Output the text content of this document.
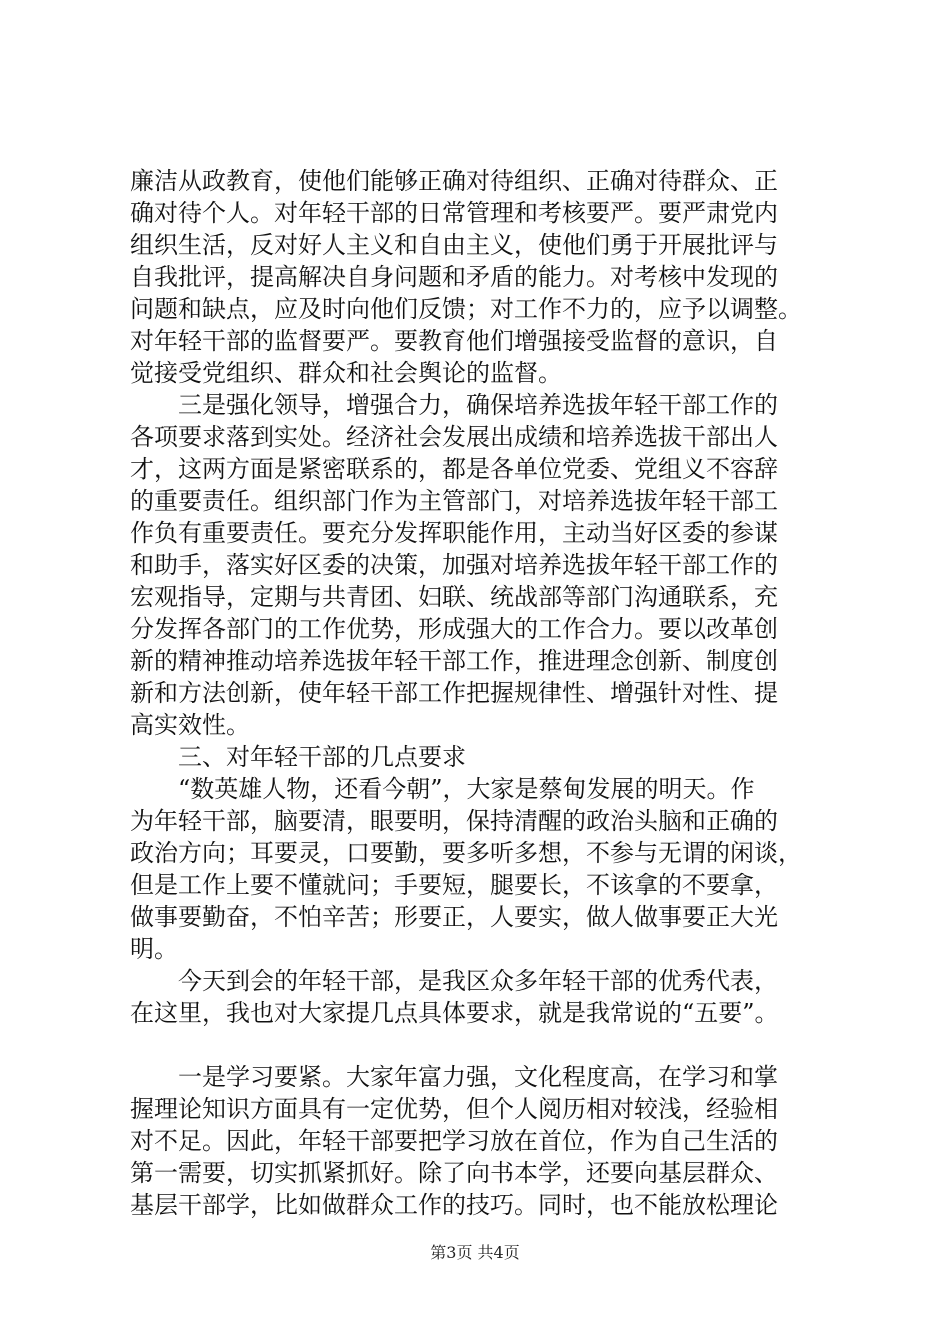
廉洁从政教育，使他们能够正确对待组织、正确对待群众、正
确对待个人。对年轻干部的日常管理和考核要严。要严肃党内
组织生活，反对好人主义和自由主义，使他们勇于开展批评与
自我批评，提高解决自身问题和矛盾的能力。对考核中发现的
问题和缺点，应及时向他们反馈；对工作不力的，应予以调整。
对年轻干部的监督要严。要教育他们增强接受监督的意识，自
觉接受党组织、群众和社会舆论的监督。
　　三是强化领导，增强合力，确保培养选拔年轻干部工作的
各项要求落到实处。经济社会发展出成绩和培养选拔干部出人
才，这两方面是紧密联系的，都是各单位党委、党组义不容辞
的重要责任。组织部门作为主管部门，对培养选拔年轻干部工
作负有重要责任。要充分发挥职能作用，主动当好区委的参谋
和助手，落实好区委的决策，加强对培养选拔年轻干部工作的
宏观指导，定期与共青团、妇联、统战部等部门沟通联系，充
分发挥各部门的工作优势，形成强大的工作合力。要以改革创
新的精神推动培养选拔年轻干部工作，推进理念创新、制度创
新和方法创新，使年轻干部工作把握规律性、增强针对性、提
高实效性。
　　三、对年轻干部的几点要求
　　“数英雄人物，还看今朝”，大家是蔡甸发展的明天。作
为年轻干部，脑要清，眼要明，保持清醒的政治头脑和正确的
政治方向；耳要灵，口要勤，要多听多想，不参与无谓的闲谈，
但是工作上要不懂就问；手要短，腿要长，不该拿的不要拿，
做事要勤奋，不怕辛苦；形要正，人要实，做人做事要正大光
明。
　　今天到会的年轻干部，是我区众多年轻干部的优秀代表，
在这里，我也对大家提几点具体要求，就是我常说的“五要”。
　　一是学习要紧。大家年富力强，文化程度高，在学习和掌
握理论知识方面具有一定优势，但个人阅历相对较浅，经验相
对不足。因此，年轻干部要把学习放在首位，作为自己生活的
第一需要，切实抓紧抓好。除了向书本学，还要向基层群众、
基层干部学，比如做群众工作的技巧。同时，也不能放松理论
第3页 共4页
